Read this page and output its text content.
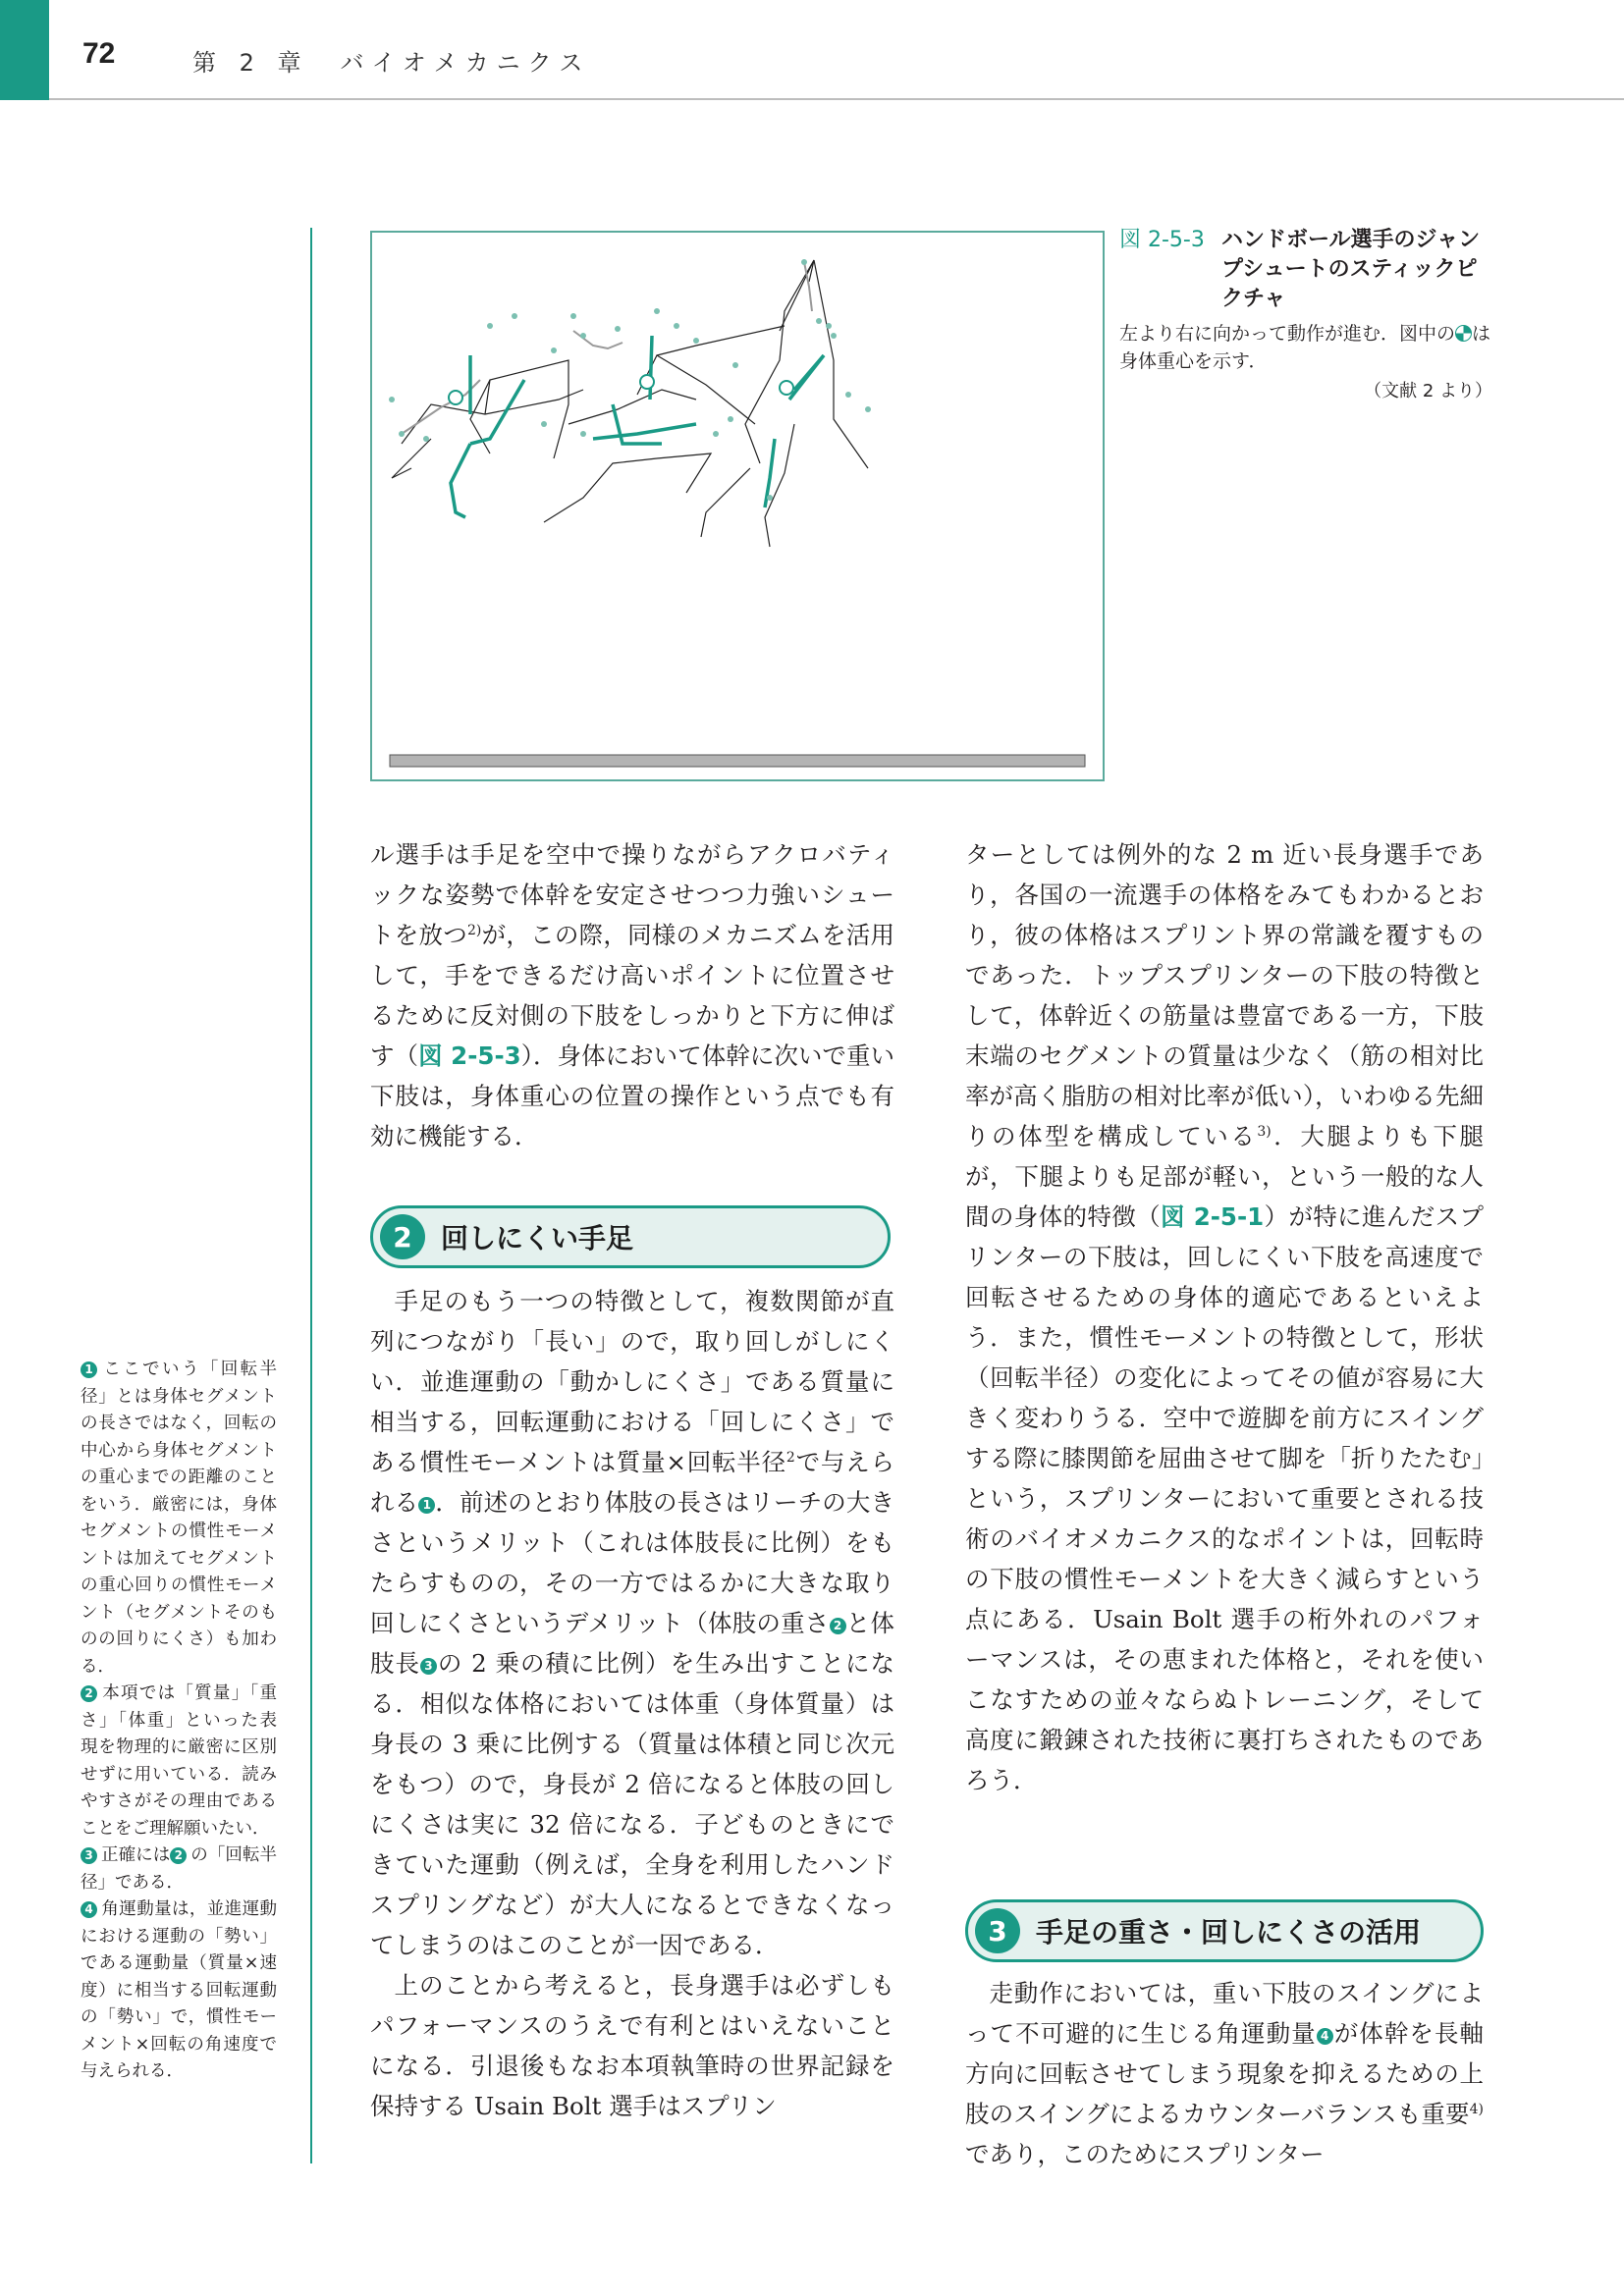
72	第 2 章　バイオメカニクス
図 2-5-3 ハンドボール選手のジャンプシュートのスティックピクチャ
左より右に向かって動作が進む．図中の は身体重心を示す．
（文献 2 より）

ル選手は手足を空中で操りながらアクロバティックな姿勢で体幹を安定させつつ力強いシュートを放つ$^{2)}$が，この際，同様のメカニズムを活用して，手をできるだけ高いポイントに位置させるために反対側の下肢をしっかりと下方に伸ばす（図 2-5-3）．身体において体幹に次いで重い下肢は，身体重心の位置の操作という点でも有効に機能する．

2	回しにくい手足

手足のもう一つの特徴として，複数関節が直列につながり「長い」ので，取り回しがしにくい．並進運動の「動かしにくさ」である質量に相当する，回転運動における「回しにくさ」である慣性モーメントは質量×回転半径$^2$で与えられる 1 ．前述のとおり体肢の長さはリーチの大きさというメリット（これは体肢長に比例）をもたらすものの，その一方ではるかに大きな取り回しにくさというデメリット（体肢の重さ 2 と体肢長 3 の 2 乗の積に比例）を生み出すことになる．相似な体格においては体重（身体質量）は身長の 3 乗に比例する（質量は体積と同じ次元をもつ）ので，身長が 2 倍になると体肢の回しにくさは実に 32 倍になる．子どものときにできていた運動（例えば，全身を利用したハンドスプリングなど）が大人になるとできなくなってしまうのはこのことが一因である．

上のことから考えると，長身選手は必ずしもパフォーマンスのうえで有利とはいえないことになる．引退後もなお本項執筆時の世界記録を保持する Usain Bolt 選手はスプリン

ターとしては例外的な 2 m 近い長身選手であり，各国の一流選手の体格をみてもわかるとおり，彼の体格はスプリント界の常識を覆すものであった．トップスプリンターの下肢の特徴として，体幹近くの筋量は豊富である一方，下肢末端のセグメントの質量は少なく（筋の相対比率が高く脂肪の相対比率が低い），いわゆる先細りの体型を構成している$^{3)}$．大腿よりも下腿が，下腿よりも足部が軽い，という一般的な人間の身体的特徴（図 2-5-1）が特に進んだスプリンターの下肢は，回しにくい下肢を高速度で回転させるための身体的適応であるといえよう．また，慣性モーメントの特徴として，形状（回転半径）の変化によってその値が容易に大きく変わりうる．空中で遊脚を前方にスイングする際に膝関節を屈曲させて脚を「折りたたむ」という，スプリンターにおいて重要とされる技術のバイオメカニクス的なポイントは，回転時の下肢の慣性モーメントを大きく減らすという点にある．Usain Bolt 選手の桁外れのパフォーマンスは，その恵まれた体格と，それを使いこなすための並々ならぬトレーニング，そして高度に鍛錬された技術に裏打ちされたものであろう．

3	手足の重さ・回しにくさの活用

走動作においては，重い下肢のスイングによって不可避的に生じる角運動量 4 が体幹を長軸方向に回転させてしまう現象を抑えるための上肢のスイングによるカウンターバランスも重要$^{4)}$であり，このためにスプリンター

1 ここでいう「回転半径」とは身体セグメントの長さではなく，回転の中心から身体セグメントの重心までの距離のことをいう．厳密には，身体セグメントの慣性モーメントは加えてセグメントの重心回りの慣性モーメント（セグメントそのものの回りにくさ）も加わる．

2 本項では「質量」「重さ」「体重」といった表現を物理的に厳密に区別せずに用いている．読みやすさがその理由であることをご理解願いたい．

3 正確には 2 の「回転半径」である．

4 角運動量は，並進運動における運動の「勢い」である運動量（質量×速度）に相当する回転運動の「勢い」で，慣性モーメント×回転の角速度で与えられる．
